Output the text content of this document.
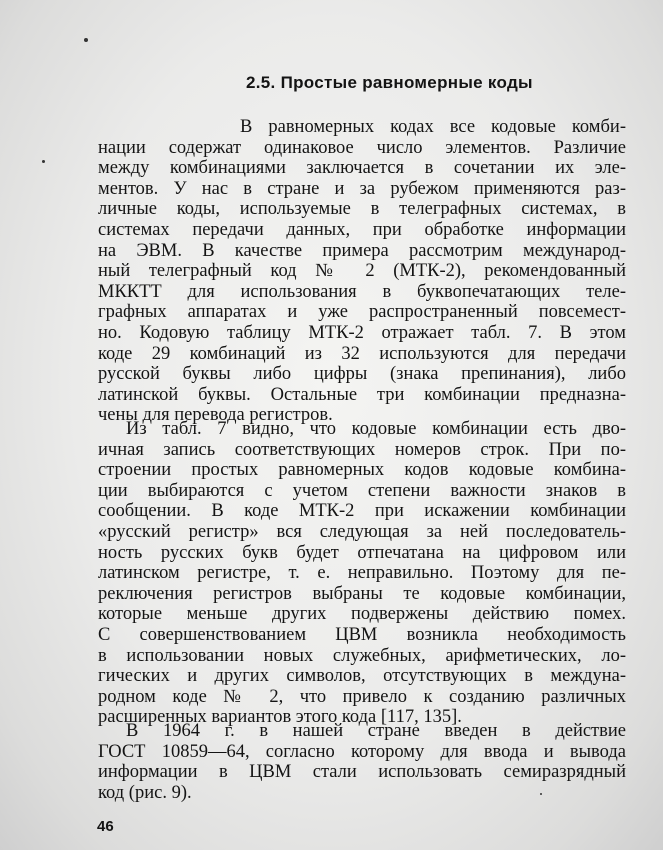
2.5. Простые равномерные коды
В равномерных кодах все кодовые комби-
нации содержат одинаковое число элементов. Различие
между комбинациями заключается в сочетании их эле-
ментов. У нас в стране и за рубежом применяются раз-
личные коды, используемые в телеграфных системах, в
системах передачи данных, при обработке информации
на ЭВМ. В качестве примера рассмотрим международ-
ный телеграфный код № 2 (МТК-2), рекомендованный
МККТТ для использования в буквопечатающих теле-
графных аппаратах и уже распространенный повсемест-
но. Кодовую таблицу МТК-2 отражает табл. 7. В этом
коде 29 комбинаций из 32 используются для передачи
русской буквы либо цифры (знака препинания), либо
латинской буквы. Остальные три комбинации предназна-
чены для перевода регистров.
Из табл. 7 видно, что кодовые комбинации есть дво-
ичная запись соответствующих номеров строк. При по-
строении простых равномерных кодов кодовые комбина-
ции выбираются с учетом степени важности знаков в
сообщении. В коде МТК-2 при искажении комбинации
«русский регистр» вся следующая за ней последователь-
ность русских букв будет отпечатана на цифровом или
латинском регистре, т. е. неправильно. Поэтому для пе-
реключения регистров выбраны те кодовые комбинации,
которые меньше других подвержены действию помех.
С совершенствованием ЦВМ возникла необходимость
в использовании новых служебных, арифметических, ло-
гических и других символов, отсутствующих в междуна-
родном коде № 2, что привело к созданию различных
расширенных вариантов этого кода [117, 135].
В 1964 г. в нашей стране введен в действие
ГОСТ 10859—64, согласно которому для ввода и вывода
информации в ЦВМ стали использовать семиразрядный
код (рис. 9).
46
